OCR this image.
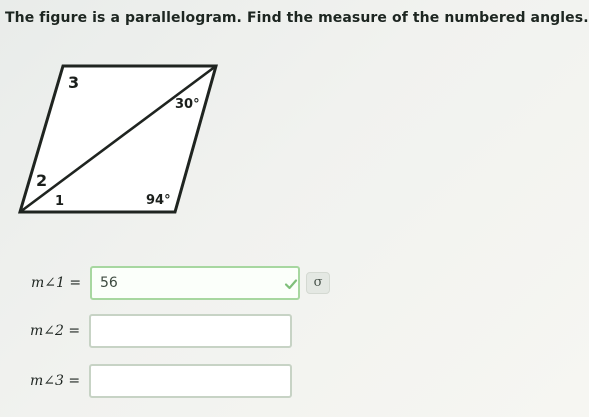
The figure is a parallelogram. Find the measure of the numbered angles.
3
30°
2
1	94°
m∠1 =
56	σ
m∠2 =
m∠3 =
